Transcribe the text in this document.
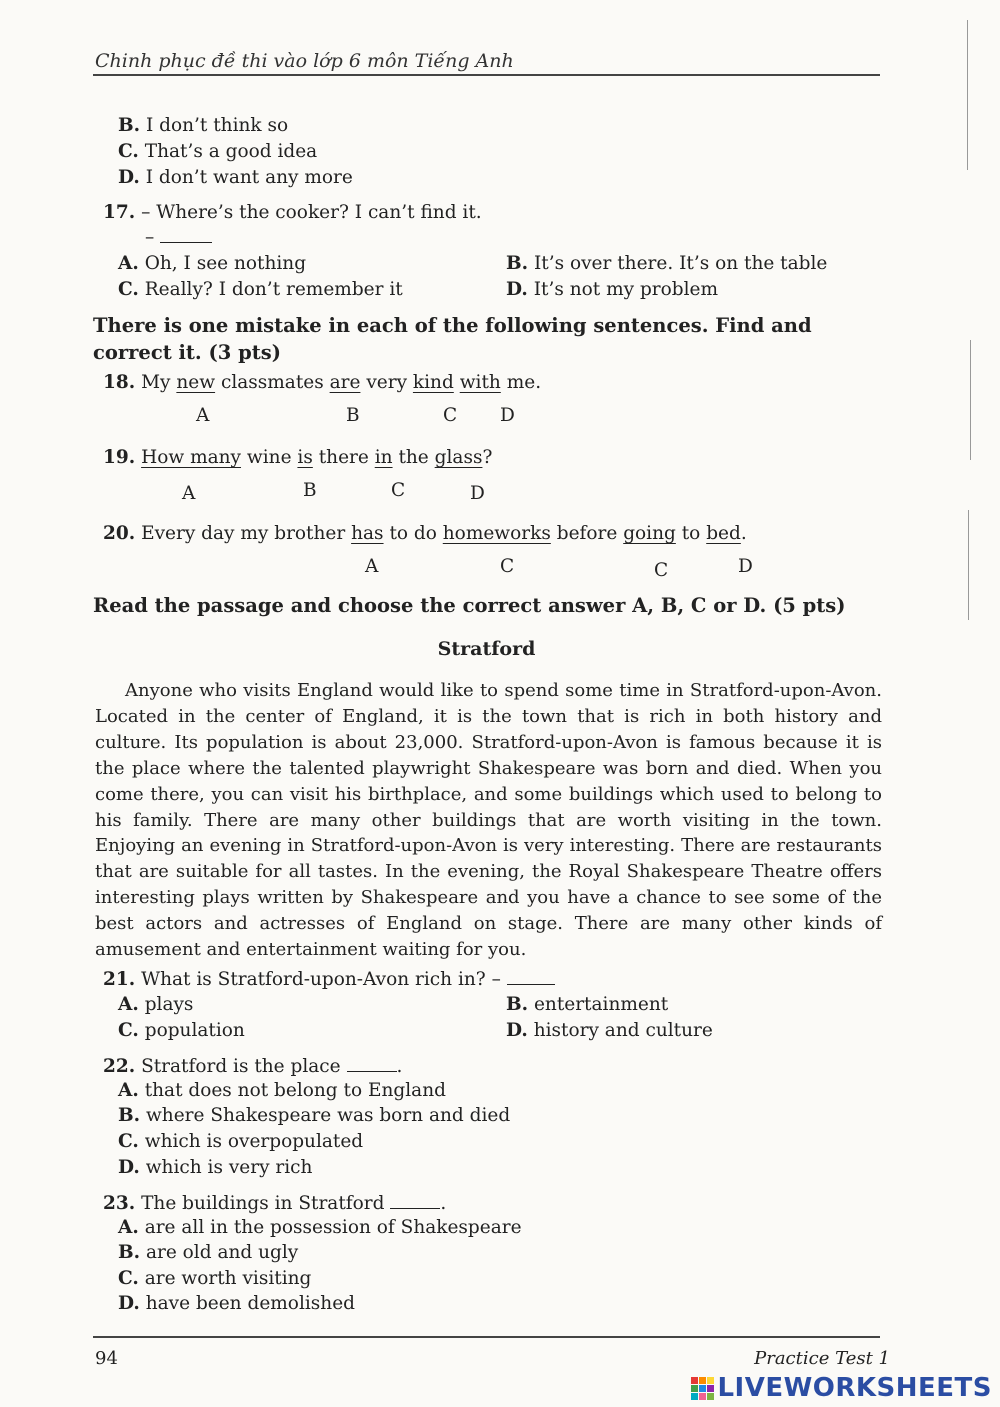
Chinh phục đề thi vào lớp 6 môn Tiếng Anh
B. I don’t think so
C. That’s a good idea
D. I don’t want any more
17. – Where’s the cooker? I can’t find it.
–
A. Oh, I see nothing	B. It’s over there. It’s on the table
C. Really? I don’t remember it	D. It’s not my problem
There is one mistake in each of the following sentences. Find and correct it. (3 pts)
18. My new classmates are very kind with me.
A	B	C D
19. How many wine is there in the glass?
A	B	C	D
20. Every day my brother has to do homeworks before going to bed.
A	C	C	D
Read the passage and choose the correct answer A, B, C or D. (5 pts)
Stratford
Anyone who visits England would like to spend some time in Stratford-upon-Avon. Located in the center of England, it is the town that is rich in both history and culture. Its population is about 23,000. Stratford-upon-Avon is famous because it is the place where the talented playwright Shakespeare was born and died. When you come there, you can visit his birthplace, and some buildings which used to belong to his family. There are many other buildings that are worth visiting in the town. Enjoying an evening in Stratford-upon-Avon is very interesting. There are restaurants that are suitable for all tastes. In the evening, the Royal Shakespeare Theatre offers interesting plays written by Shakespeare and you have a chance to see some of the best actors and actresses of England on stage. There are many other kinds of amusement and entertainment waiting for you.
21. What is Stratford-upon-Avon rich in? –
A. plays	B. entertainment
C. population	D. history and culture
22. Stratford is the place	.
A. that does not belong to England
B. where Shakespeare was born and died
C. which is overpopulated
D. which is very rich
23. The buildings in Stratford	.
A. are all in the possession of Shakespeare
B. are old and ugly
C. are worth visiting
D. have been demolished
94	Practice Test 1
LIVEWORKSHEETS
